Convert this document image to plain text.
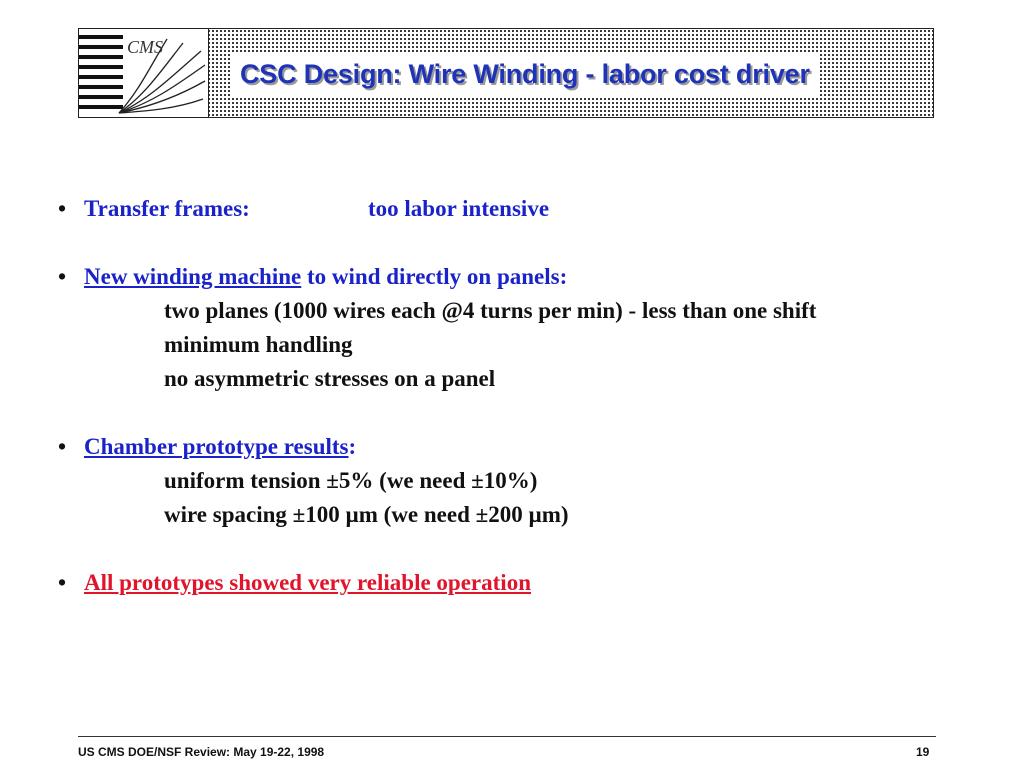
CMS
CSC Design: Wire Winding - labor cost driver
• Transfer frames:	too labor intensive
• New winding machine to wind directly on panels:
two planes (1000 wires each @4 turns per min) - less than one shift
minimum handling
no asymmetric stresses on a panel
• Chamber prototype results:
uniform tension ±5% (we need ±10%)
wire spacing ±100 µm (we need ±200 µm)
• All prototypes showed very reliable operation
US CMS DOE/NSF Review: May 19-22, 1998	19
